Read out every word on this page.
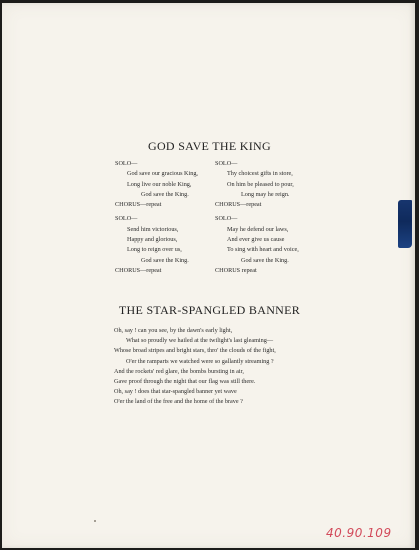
GOD SAVE THE KING
SOLO—
God save our gracious King,
Long live our noble King,
God save the King.
CHORUS—repeat
SOLO—
Send him victorious,
Happy and glorious,
Long to reign over us,
God save the King.
CHORUS—repeat
SOLO—
Thy choicest gifts in store,
On him be pleased to pour,
Long may he reign.
CHORUS—repeat
SOLO—
May he defend our laws,
And ever give us cause
To sing with heart and voice,
God save the King.
CHORUS repeat
THE STAR-SPANGLED BANNER
Oh, say ! can you see, by the dawn's early light,
What so proudly we hailed at the twilight's last gleaming—
Whose broad stripes and bright stars, thro' the clouds of the fight,
O'er the ramparts we watched were so gallantly streaming ?
And the rockets' red glare, the bombs bursting in air,
Gave proof through the night that our flag was still there.
Oh, say ! does that star-spangled banner yet wave
O'er the land of the free and the home of the brave ?
40.90.109
